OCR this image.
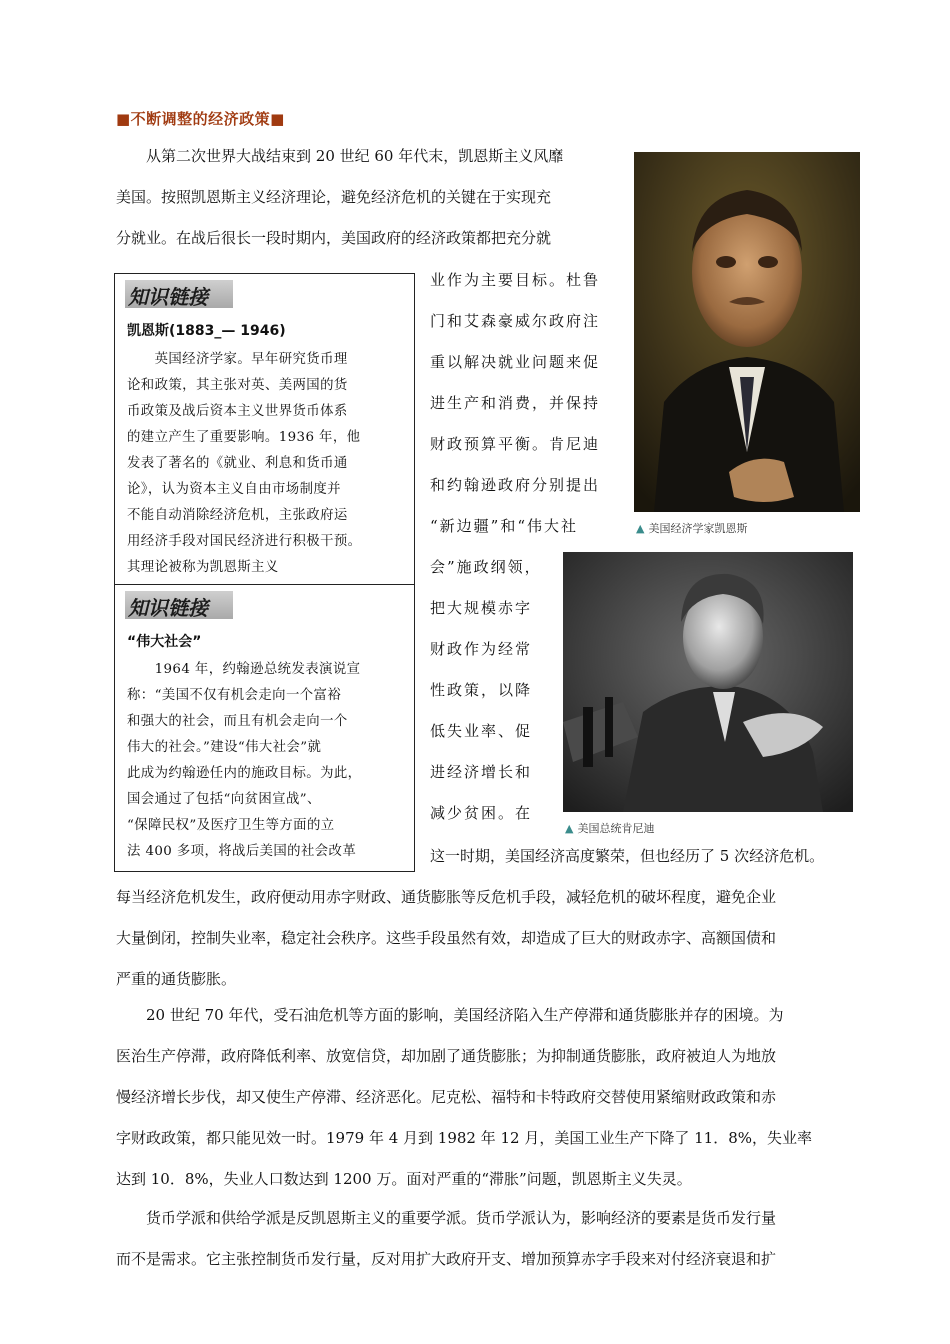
■不断调整的经济政策■
从第二次世界大战结束到 20 世纪 60 年代末，凯恩斯主义风靡
美国。按照凯恩斯主义经济理论，避免经济危机的关键在于实现充
分就业。在战后很长一段时期内，美国政府的经济政策都把充分就
业作为主要目标。杜鲁
门和艾森豪威尔政府注
重以解决就业问题来促
进生产和消费，并保持
财政预算平衡。肯尼迪
和约翰逊政府分别提出
“新边疆”和“伟大社
会”施政纲领，
把大规模赤字
财政作为经常
性政策，以降
低失业率、促
进经济增长和
减少贫困。在
知识链接
凯恩斯(1883_— 1946)
　　英国经济学家。早年研究货币理
论和政策，其主张对英、美两国的货
币政策及战后资本主义世界货币体系
的建立产生了重要影响。1936 年，他
发表了著名的《就业、利息和货币通
论》，认为资本主义自由市场制度并
不能自动消除经济危机，主张政府运
用经济手段对国民经济进行积极干预。
其理论被称为凯恩斯主义
知识链接
“伟大社会”
　　1964 年，约翰逊总统发表演说宣
称：“美国不仅有机会走向一个富裕
和强大的社会，而且有机会走向一个
伟大的社会。”建设“伟大社会”就
此成为约翰逊任内的施政目标。为此，
国会通过了包括“向贫困宣战”、
“保障民权”及医疗卫生等方面的立
法 400 多项，将战后美国的社会改革
▲ 美国经济学家凯恩斯
▲ 美国总统肯尼迪
这一时期，美国经济高度繁荣，但也经历了 5 次经济危机。
每当经济危机发生，政府便动用赤字财政、通货膨胀等反危机手段，减轻危机的破坏程度，避免企业
大量倒闭，控制失业率，稳定社会秩序。这些手段虽然有效，却造成了巨大的财政赤字、高额国债和
严重的通货膨胀。
　　20 世纪 70 年代，受石油危机等方面的影响，美国经济陷入生产停滞和通货膨胀并存的困境。为
医治生产停滞，政府降低利率、放宽信贷，却加剧了通货膨胀；为抑制通货膨胀，政府被迫人为地放
慢经济增长步伐，却又使生产停滞、经济恶化。尼克松、福特和卡特政府交替使用紧缩财政政策和赤
字财政政策，都只能见效一时。1979 年 4 月到 1982 年 12 月，美国工业生产下降了 11．8%，失业率
达到 10．8%，失业人口数达到 1200 万。面对严重的“滞胀”问题，凯恩斯主义失灵。
　　货币学派和供给学派是反凯恩斯主义的重要学派。货币学派认为，影响经济的要素是货币发行量
而不是需求。它主张控制货币发行量，反对用扩大政府开支、增加预算赤字手段来对付经济衰退和扩
